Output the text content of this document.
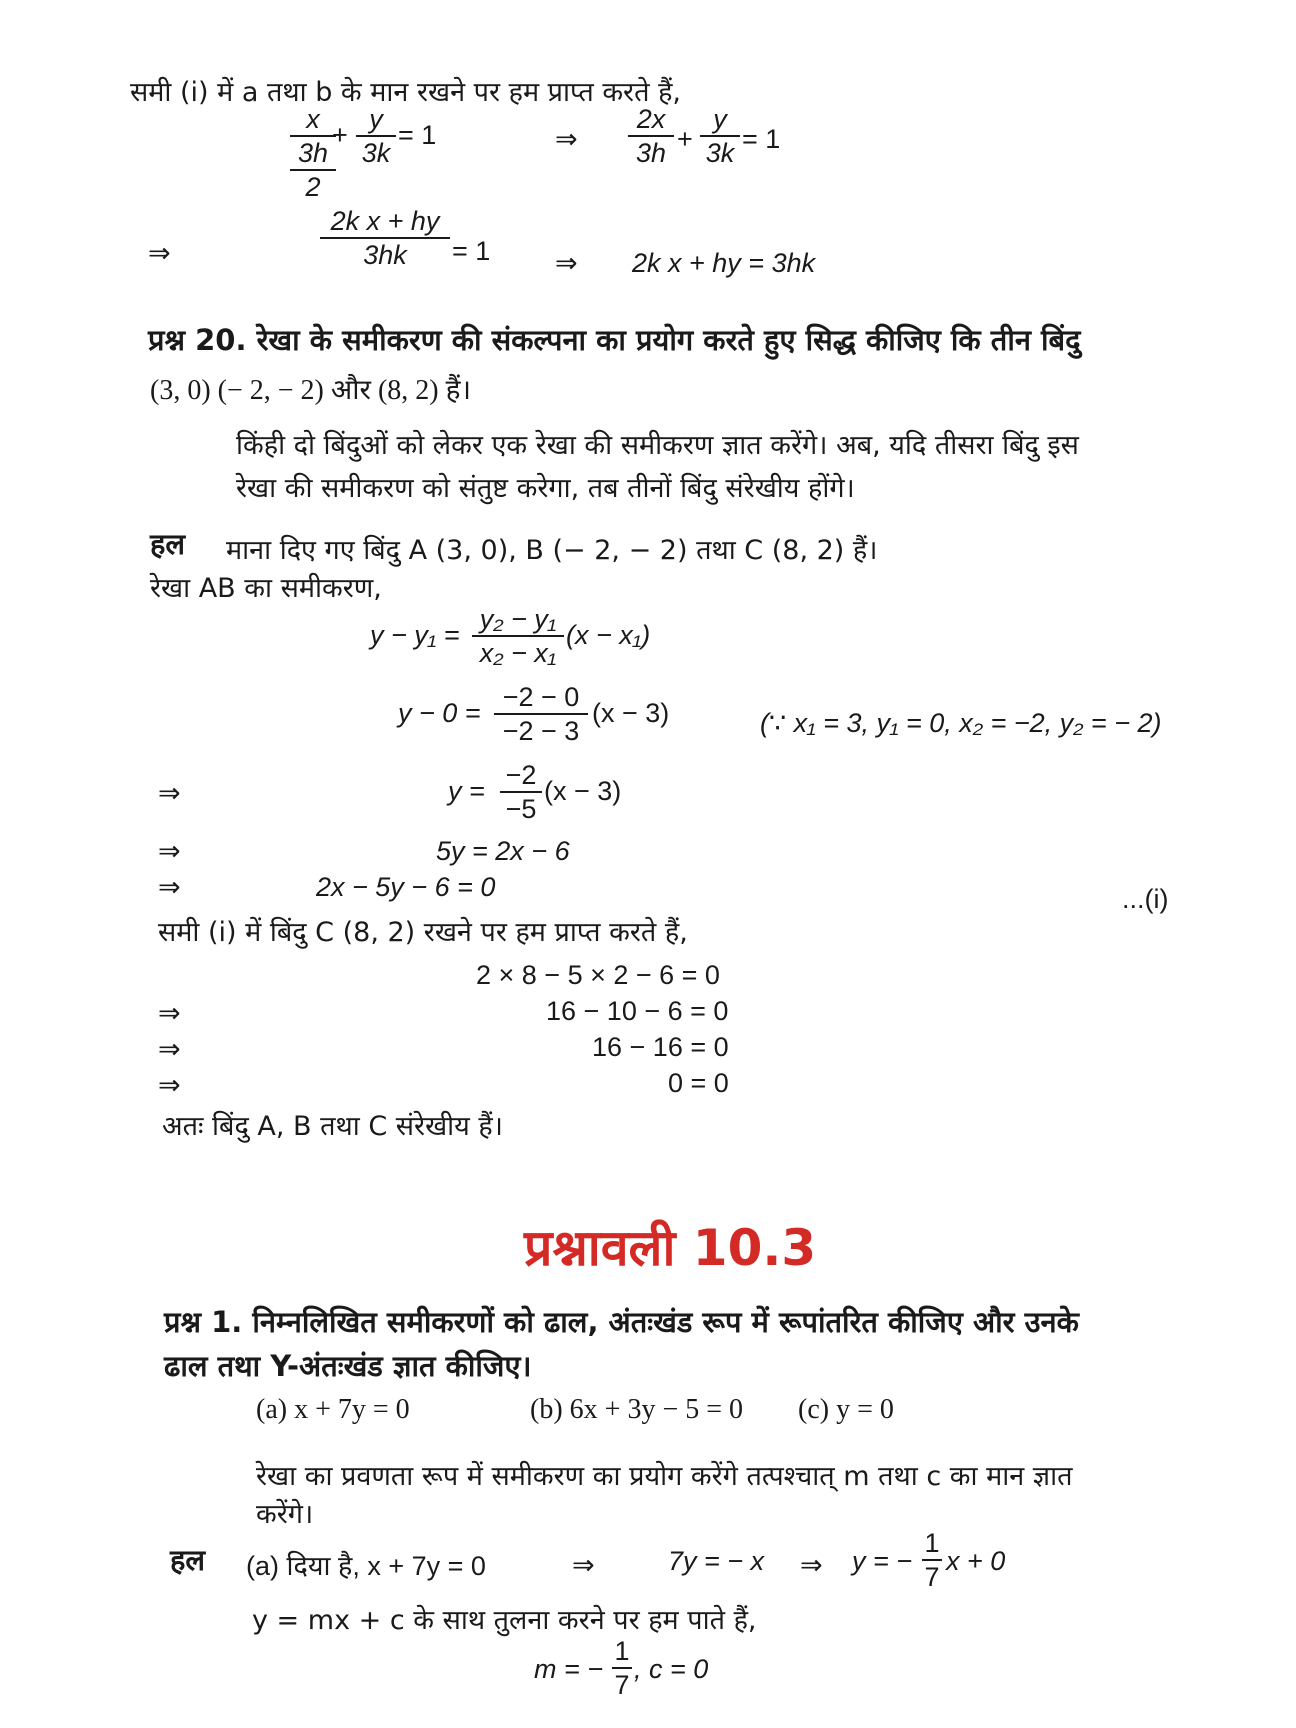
समी (i) में a तथा b के मान रखने पर हम प्राप्त करते हैं,
x
3h
2
+
y
3k
= 1	⇒
2x
3h +
y
3k = 1
⇒
2k x + hy
3hk	= 1 ⇒ 2k x + hy = 3hk
प्रश्न 20. रेखा के समीकरण की संकल्पना का प्रयोग करते हुए सिद्ध कीजिए कि तीन बिंदु
(3, 0) (− 2, − 2) और (8, 2) हैं।
किंही दो बिंदुओं को लेकर एक रेखा की समीकरण ज्ञात करेंगे। अब, यदि तीसरा बिंदु इस
रेखा की समीकरण को संतुष्ट करेगा, तब तीनों बिंदु संरेखीय होंगे।
हल माना दिए गए बिंदु A (3, 0), B (− 2, − 2) तथा C (8, 2) हैं।
रेखा AB का समीकरण,
y − y₁ =
y₂ − y₁
x₂ − x₁
(x − x₁)
y − 0 =
−2 − 0
−2 − 3
(x − 3)	(∵ x₁ = 3, y₁ = 0, x₂ = −2, y₂ = − 2)
⇒	y =
−2
−5
(x − 3)
⇒	5y = 2x − 6
⇒	2x − 5y − 6 = 0	...(i)
समी (i) में बिंदु C (8, 2) रखने पर हम प्राप्त करते हैं,
2 × 8 − 5 × 2 − 6 = 0
⇒	16 − 10 − 6 = 0
⇒	16 − 16 = 0
⇒	0 = 0
अतः बिंदु A, B तथा C संरेखीय हैं।
प्रश्नावली 10.3
प्रश्न 1. निम्नलिखित समीकरणों को ढाल, अंतःखंड रूप में रूपांतरित कीजिए और उनके
ढाल तथा Y-अंतःखंड ज्ञात कीजिए।
(a) x + 7y = 0	(b) 6x + 3y − 5 = 0 (c) y = 0
रेखा का प्रवणता रूप में समीकरण का प्रयोग करेंगे तत्पश्चात् m तथा c का मान ज्ञात
करेंगे।
हल (a) दिया है, x + 7y = 0	⇒	7y = − x ⇒ y = −
1
7
x + 0
y = mx + c के साथ तुलना करने पर हम पाते हैं,
m = −
1
7
, c = 0
